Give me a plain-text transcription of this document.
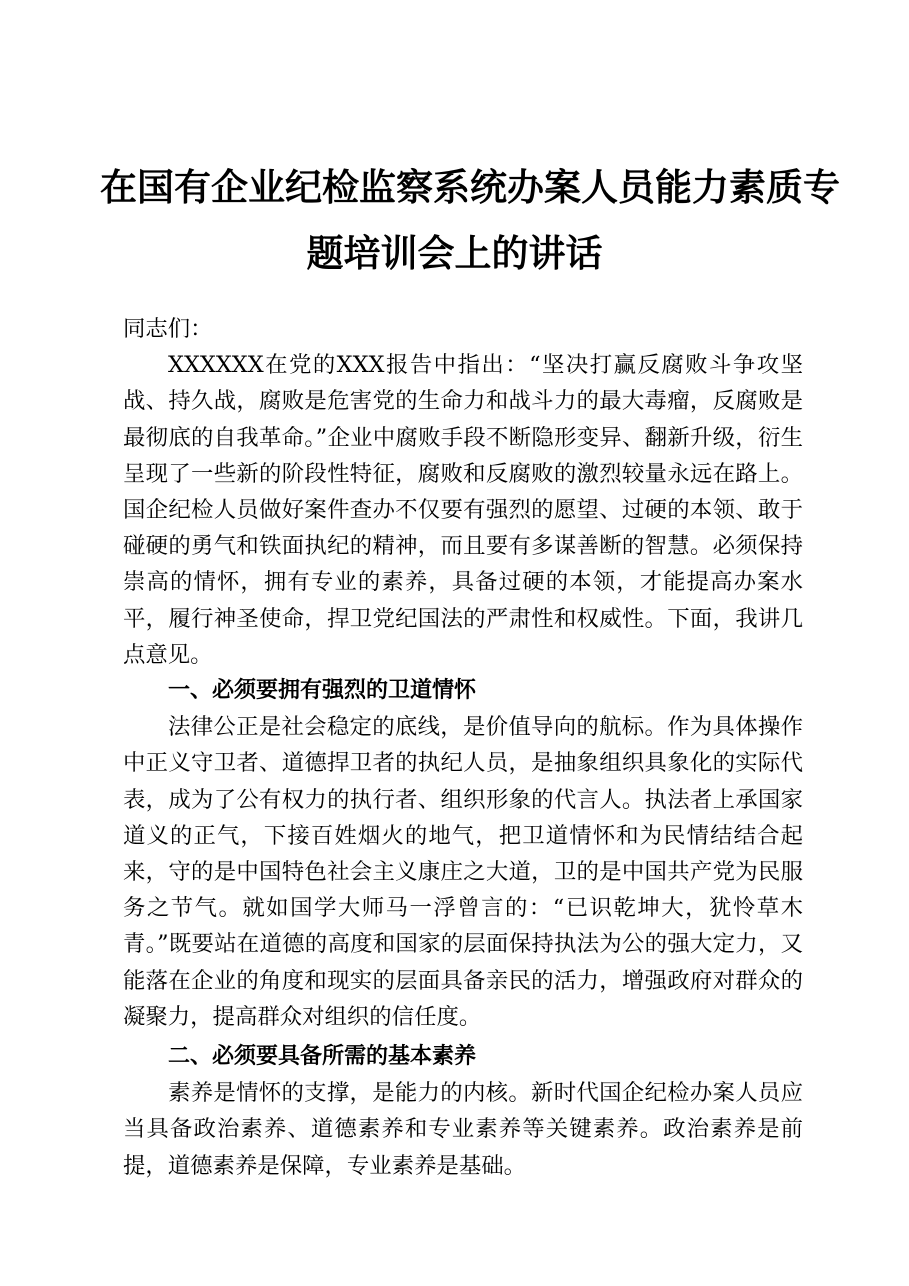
在国有企业纪检监察系统办案人员能力素质专
题培训会上的讲话

同志们：

XXXXXX在党的XXX报告中指出：“坚决打赢反腐败斗争攻坚战、持久战，腐败是危害党的生命力和战斗力的最大毒瘤，反腐败是最彻底的自我革命。”企业中腐败手段不断隐形变异、翻新升级，衍生呈现了一些新的阶段性特征，腐败和反腐败的激烈较量永远在路上。国企纪检人员做好案件查办不仅要有强烈的愿望、过硬的本领、敢于碰硬的勇气和铁面执纪的精神，而且要有多谋善断的智慧。必须保持崇高的情怀，拥有专业的素养，具备过硬的本领，才能提高办案水平，履行神圣使命，捍卫党纪国法的严肃性和权威性。下面，我讲几点意见。

一、必须要拥有强烈的卫道情怀

法律公正是社会稳定的底线，是价值导向的航标。作为具体操作中正义守卫者、道德捍卫者的执纪人员，是抽象组织具象化的实际代表，成为了公有权力的执行者、组织形象的代言人。执法者上承国家道义的正气，下接百姓烟火的地气，把卫道情怀和为民情结结合起来，守的是中国特色社会主义康庄之大道，卫的是中国共产党为民服务之节气。就如国学大师马一浮曾言的：“已识乾坤大，犹怜草木青。”既要站在道德的高度和国家的层面保持执法为公的强大定力，又能落在企业的角度和现实的层面具备亲民的活力，增强政府对群众的凝聚力，提高群众对组织的信任度。

二、必须要具备所需的基本素养

素养是情怀的支撑，是能力的内核。新时代国企纪检办案人员应当具备政治素养、道德素养和专业素养等关键素养。政治素养是前提，道德素养是保障，专业素养是基础。
